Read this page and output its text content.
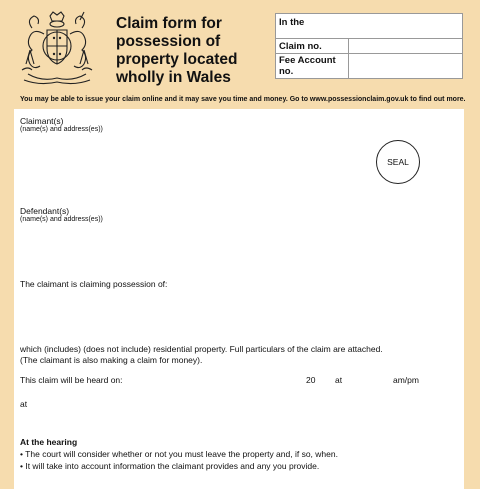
Claim form for
possession of
property located
wholly in Wales
In the
Claim no.
Fee Account
no.
You may be able to issue your claim online and it may save you time and money. Go to www.possessionclaim.gov.uk to find out more.
Claimant(s)
(name(s) and address(es))
SEAL
Defendant(s)
(name(s) and address(es))
The claimant is claiming possession of:
which (includes) (does not include) residential property. Full particulars of the claim are attached.
(The claimant is also making a claim for money).
This claim will be heard on:	20 at	am/pm
at
At the hearing
• The court will consider whether or not you must leave the property and, if so, when.
• It will take into account information the claimant provides and any you provide.
